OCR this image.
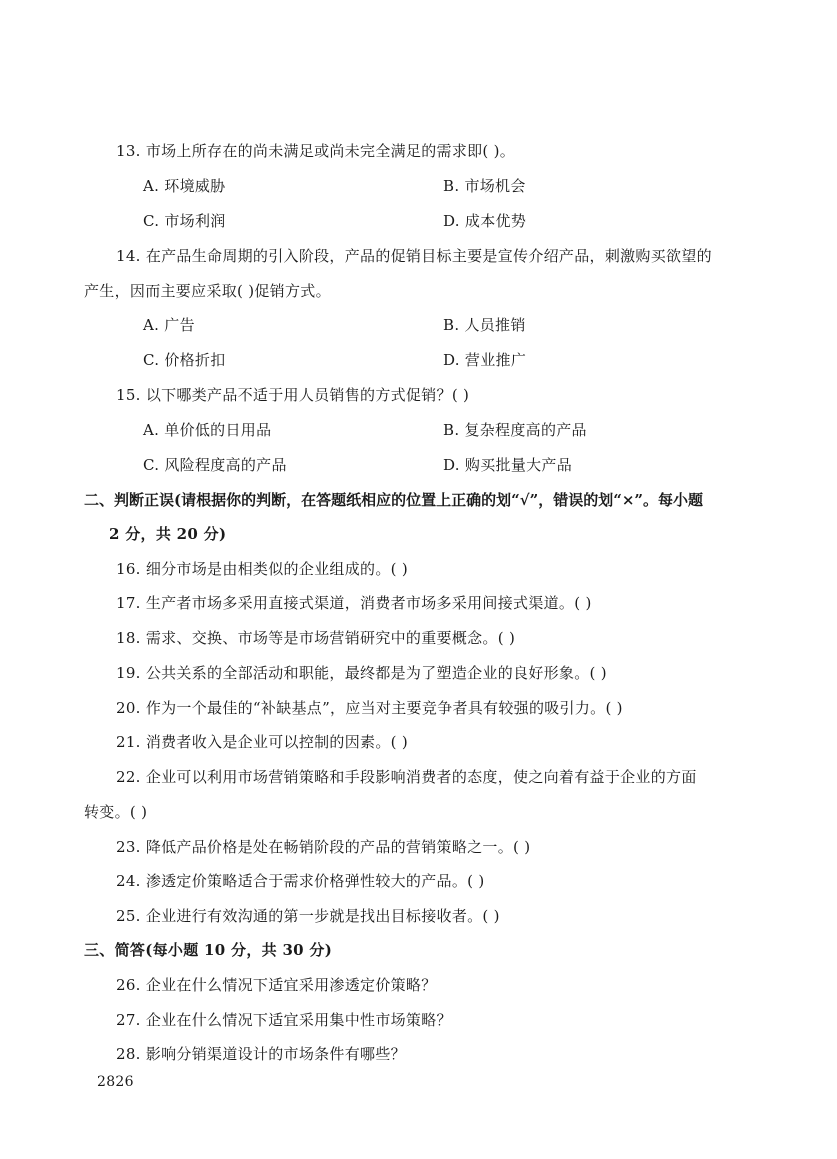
13. 市场上所存在的尚未满足或尚未完全满足的需求即( )。
A. 环境威胁	B. 市场机会
C. 市场利润	D. 成本优势
14. 在产品生命周期的引入阶段，产品的促销目标主要是宣传介绍产品，刺激购买欲望的
产生，因而主要应采取( )促销方式。
A. 广告	B. 人员推销
C. 价格折扣	D. 营业推广
15. 以下哪类产品不适于用人员销售的方式促销？( )
A. 单价低的日用品	B. 复杂程度高的产品
C. 风险程度高的产品	D. 购买批量大产品
二、判断正误(请根据你的判断，在答题纸相应的位置上正确的划“√”，错误的划“×”。每小题
2 分，共 20 分)
16. 细分市场是由相类似的企业组成的。( )
17. 生产者市场多采用直接式渠道，消费者市场多采用间接式渠道。( )
18. 需求、交换、市场等是市场营销研究中的重要概念。( )
19. 公共关系的全部活动和职能，最终都是为了塑造企业的良好形象。( )
20. 作为一个最佳的“补缺基点”，应当对主要竞争者具有较强的吸引力。( )
21. 消费者收入是企业可以控制的因素。( )
22. 企业可以利用市场营销策略和手段影响消费者的态度，使之向着有益于企业的方面
转变。( )
23. 降低产品价格是处在畅销阶段的产品的营销策略之一。( )
24. 渗透定价策略适合于需求价格弹性较大的产品。( )
25. 企业进行有效沟通的第一步就是找出目标接收者。( )
三、简答(每小题 10 分，共 30 分)
26. 企业在什么情况下适宜采用渗透定价策略？
27. 企业在什么情况下适宜采用集中性市场策略？
28. 影响分销渠道设计的市场条件有哪些？
2826
